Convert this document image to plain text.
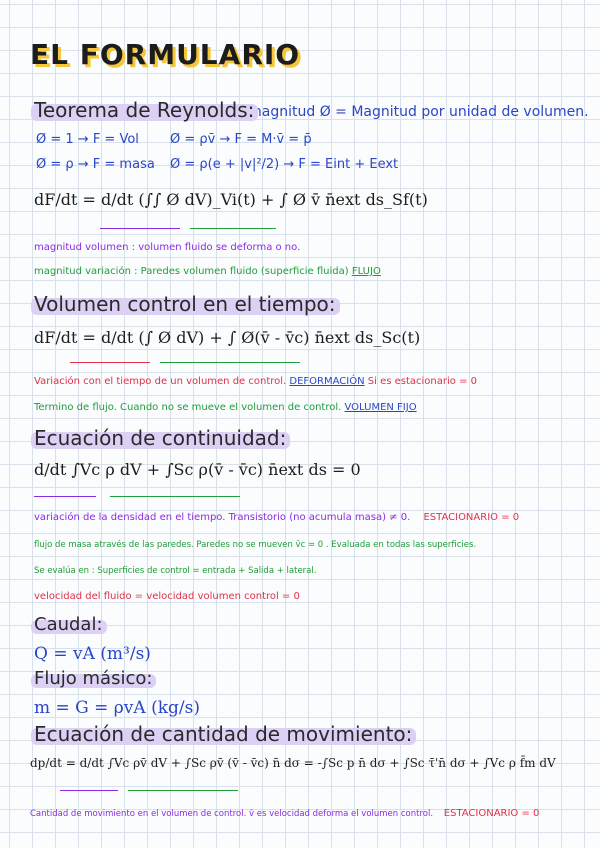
EL FORMULARIO
Teorema de Reynolds:
F: magnitud Ø = Magnitud por unidad de volumen.
Ø = 1 → F = Vol Ø = ρv̄ → F = M·v̄ = p̄
Ø = ρ → F = masa Ø = ρ(e + |v|²/2) → F = Eint + Eext
dF/dt = d/dt (∫∫ Ø dV)_Vi(t) + ∫ Ø v̄ n̄ext ds_Sf(t)
magnitud volumen : volumen fluido se deforma o no.
magnitud variación : Paredes volumen fluido (superficie fluida) FLUJO
Volumen control en el tiempo:
dF/dt = d/dt (∫ Ø dV) + ∫ Ø(v̄ - v̄c) n̄ext ds_Sc(t)
Variación con el tiempo de un volumen de control. DEFORMACIÓN Si es estacionario = 0
Termino de flujo. Cuando no se mueve el volumen de control. VOLUMEN FIJO
Ecuación de continuidad:
d/dt ∫Vc ρ dV + ∫Sc ρ(v̄ - v̄c) n̄ext ds = 0
variación de la densidad en el tiempo. Transistorio (no acumula masa) ≠ 0. ESTACIONARIO = 0
flujo de masa através de las paredes. Paredes no se mueven v̄c = 0 . Evaluada en todas las superficies.
Se evalúa en : Superficies de control = entrada + Salida + lateral.
velocidad del fluido = velocidad volumen control = 0
Caudal:
Q = vA (m³/s)
Flujo másico:
m = G = ρvA (kg/s)
Ecuación de cantidad de movimiento:
dp/dt = d/dt ∫Vc ρv̄ dV + ∫Sc ρv̄ (v̄ - v̄c) n̄ dσ = -∫Sc p n̄ dσ + ∫Sc τ̄'n̄ dσ + ∫Vc ρ f̄m dV
Cantidad de movimiento en el volumen de control. v̄ es velocidad deforma el volumen control. ESTACIONARIO = 0
